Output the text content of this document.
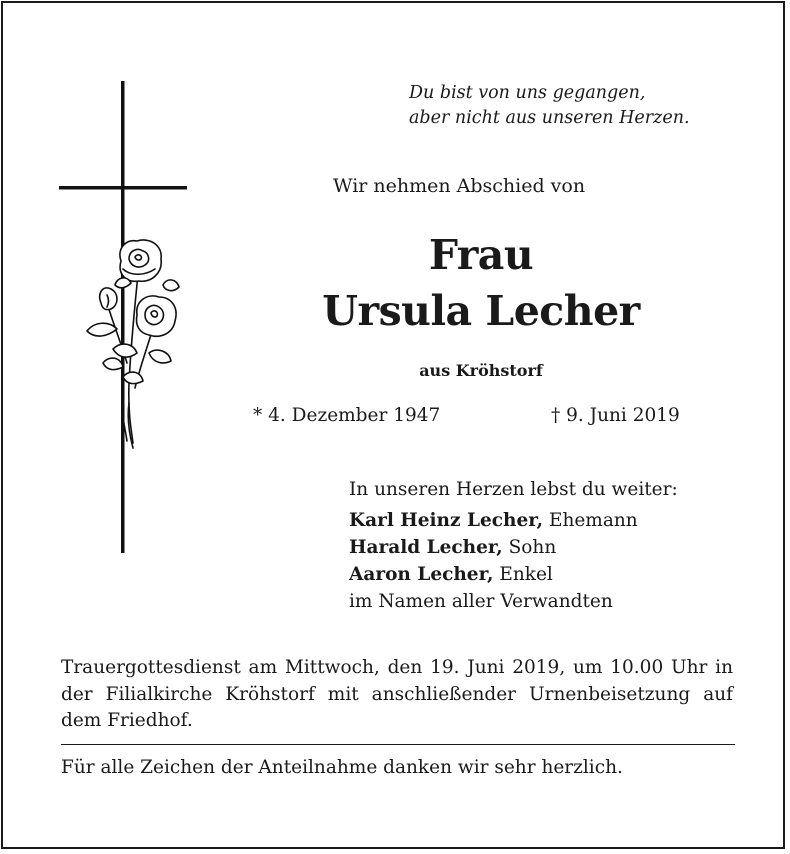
Du bist von uns gegangen,
aber nicht aus unseren Herzen.

Wir nehmen Abschied von

Frau

Ursula Lecher

aus Kröhstorf

* 4. Dezember 1947	† 9. Juni 2019

In unseren Herzen lebst du weiter:

Karl Heinz Lecher, Ehemann
Harald Lecher, Sohn
Aaron Lecher, Enkel
im Namen aller Verwandten

Trauergottesdienst am Mittwoch, den 19. Juni 2019, um 10.00 Uhr in der Filialkirche Kröhstorf mit anschließender Urnenbeisetzung auf dem Friedhof.

Für alle Zeichen der Anteilnahme danken wir sehr herzlich.
